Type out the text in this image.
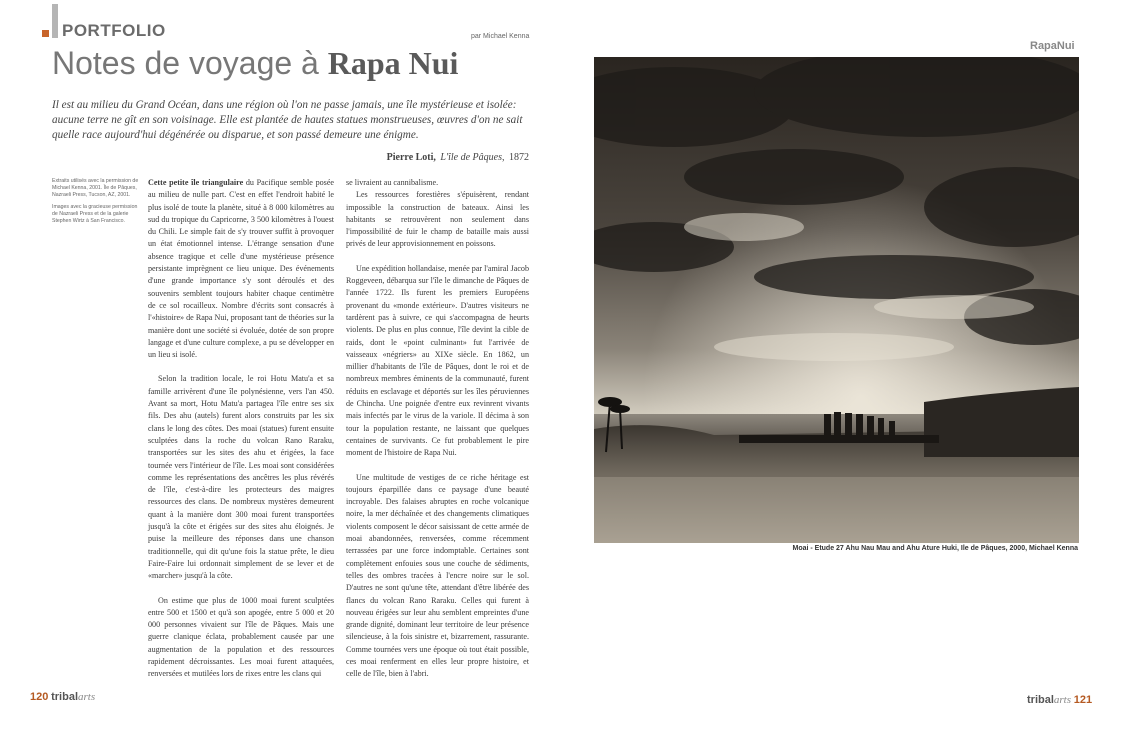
PORTFOLIO	par Michael Kenna
Notes de voyage à Rapa Nui
Il est au milieu du Grand Océan, dans une région où l'on ne passe jamais, une île mystérieuse et isolée: aucune terre ne gît en son voisinage. Elle est plantée de hautes statues monstrueuses, œuvres d'on ne sait quelle race aujourd'hui dégénérée ou disparue, et son passé demeure une énigme.
Pierre Loti, L'île de Pâques, 1872

Extraits utilisés avec la permission de Michael Kenna, 2001. Île de Pâques, Nazraeli Press, Tucson, AZ, 2001.

Images avec la gracieuse permission de Nazraeli Press et de la galerie Stephen Wirtz à San Francisco.

Cette petite île triangulaire du Pacifique semble posée au milieu de nulle part. C'est en effet l'endroit habité le plus isolé de toute la planète, situé à 8 000 kilomètres au sud du tropique du Capricorne, 3 500 kilomètres à l'ouest du Chili. Le simple fait de s'y trouver suffit à provoquer un état émotionnel intense. L'étrange sensation d'une absence tragique et celle d'une mystérieuse présence persistante imprègnent ce lieu unique. Des événements d'une grande importance s'y sont déroulés et des souvenirs semblent toujours habiter chaque centimètre de ce sol rocailleux. Nombre d'écrits sont consacrés à l'«histoire» de Rapa Nui, proposant tant de théories sur la manière dont une société si évoluée, dotée de son propre langage et d'une culture complexe, a pu se développer en un lieu si isolé.

Selon la tradition locale, le roi Hotu Matu'a et sa famille arrivèrent d'une île polynésienne, vers l'an 450. Avant sa mort, Hotu Matu'a partagea l'île entre ses six fils. Des ahu (autels) furent alors construits par les six clans le long des côtes. Des moai (statues) furent ensuite sculptées dans la roche du volcan Rano Raraku, transportées sur les sites des ahu et érigées, la face tournée vers l'intérieur de l'île. Les moai sont considérées comme les représentations des ancêtres les plus révérés de l'île, c'est-à-dire les protecteurs des maigres ressources des clans. De nombreux mystères demeurent quant à la manière dont 300 moai furent transportées jusqu'à la côte et érigées sur des sites ahu éloignés. Je puise la meilleure des réponses dans une chanson traditionnelle, qui dit qu'une fois la statue prête, le dieu Faire-Faire lui ordonnait simplement de se lever et de «marcher» jusqu'à la côte.

On estime que plus de 1000 moai furent sculptées entre 500 et 1500 et qu'à son apogée, entre 5 000 et 20 000 personnes vivaient sur l'île de Pâques. Mais une guerre clanique éclata, probablement causée par une augmentation de la population et des ressources rapidement décroissantes. Les moai furent attaquées, renversées et mutilées lors de rixes entre les clans qui

se livraient au cannibalisme.

Les ressources forestières s'épuisèrent, rendant impossible la construction de bateaux. Ainsi les habitants se retrouvèrent non seulement dans l'impossibilité de fuir le champ de bataille mais aussi privés de leur approvisionnement en poissons.

Une expédition hollandaise, menée par l'amiral Jacob Roggeveen, débarqua sur l'île le dimanche de Pâques de l'année 1722. Ils furent les premiers Européens provenant du «monde extérieur». D'autres visiteurs ne tardèrent pas à suivre, ce qui s'accompagna de heurts violents. De plus en plus connue, l'île devint la cible de raids, dont le «point culminant» fut l'arrivée de vaisseaux «négriers» au XIXe siècle. En 1862, un millier d'habitants de l'île de Pâques, dont le roi et de nombreux membres éminents de la communauté, furent réduits en esclavage et déportés sur les îles péruviennes de Chincha. Une poignée d'entre eux revinrent vivants mais infectés par le virus de la variole. Il décima à son tour la population restante, ne laissant que quelques centaines de survivants. Ce fut probablement le pire moment de l'histoire de Rapa Nui.

Une multitude de vestiges de ce riche héritage est toujours éparpillée dans ce paysage d'une beauté incroyable. Des falaises abruptes en roche volcanique noire, la mer déchaînée et des changements climatiques violents composent le décor saisissant de cette armée de moai abandonnées, renversées, comme récemment terrassées par une force indomptable. Certaines sont complètement enfouies sous une couche de sédiments, telles des ombres tracées à l'encre noire sur le sol. D'autres ne sont qu'une tête, attendant d'être libérée des flancs du volcan Rano Raraku. Celles qui furent à nouveau érigées sur leur ahu semblent empreintes d'une grande dignité, dominant leur territoire de leur présence silencieuse, à la fois sinistre et, bizarrement, rassurante. Comme tournées vers une époque où tout était possible, ces moai renferment en elles leur propre histoire, et celle de l'île, bien à l'abri.

120 tribalarts
RapaNui
Moai - Etude 27 Ahu Nau Mau and Ahu Ature Huki, Ile de Pâques, 2000, Michael Kenna
tribalarts 121
